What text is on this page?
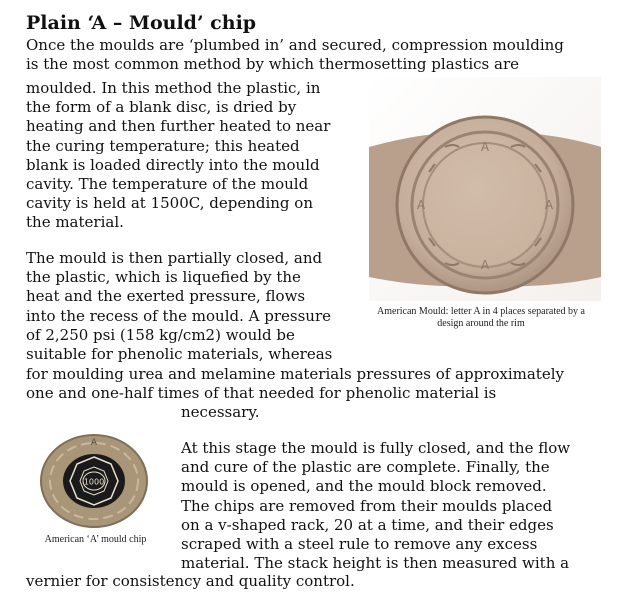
Plain ‘A – Mould’ chip

Once the moulds are ‘plumbed in’ and secured, compression moulding
is the most common method by which thermosetting plastics are

moulded. In this method the plastic, in
the form of a blank disc, is dried by
heating and then further heated to near
the curing temperature; this heated
blank is loaded directly into the mould
cavity. The temperature of the mould
cavity is held at 1500C, depending on
the material.

The mould is then partially closed, and
the plastic, which is liquefied by the
heat and the exerted pressure, flows
into the recess of the mould. A pressure
of 2,250 psi (158 kg/cm2) would be
suitable for phenolic materials, whereas

for moulding urea and melamine materials pressures of approximately
one and one-half times of that needed for phenolic material is

necessary.

At this stage the mould is fully closed, and the flow
and cure of the plastic are complete. Finally, the
mould is opened, and the mould block removed.
The chips are removed from their moulds placed
on a v-shaped rack, 20 at a time, and their edges
scraped with a steel rule to remove any excess
material. The stack height is then measured with a

vernier for consistency and quality control.

A
A
A	A
American Mould: letter A in 4 places separated by a
design around the rim
1000
A
American ‘A’ mould chip
